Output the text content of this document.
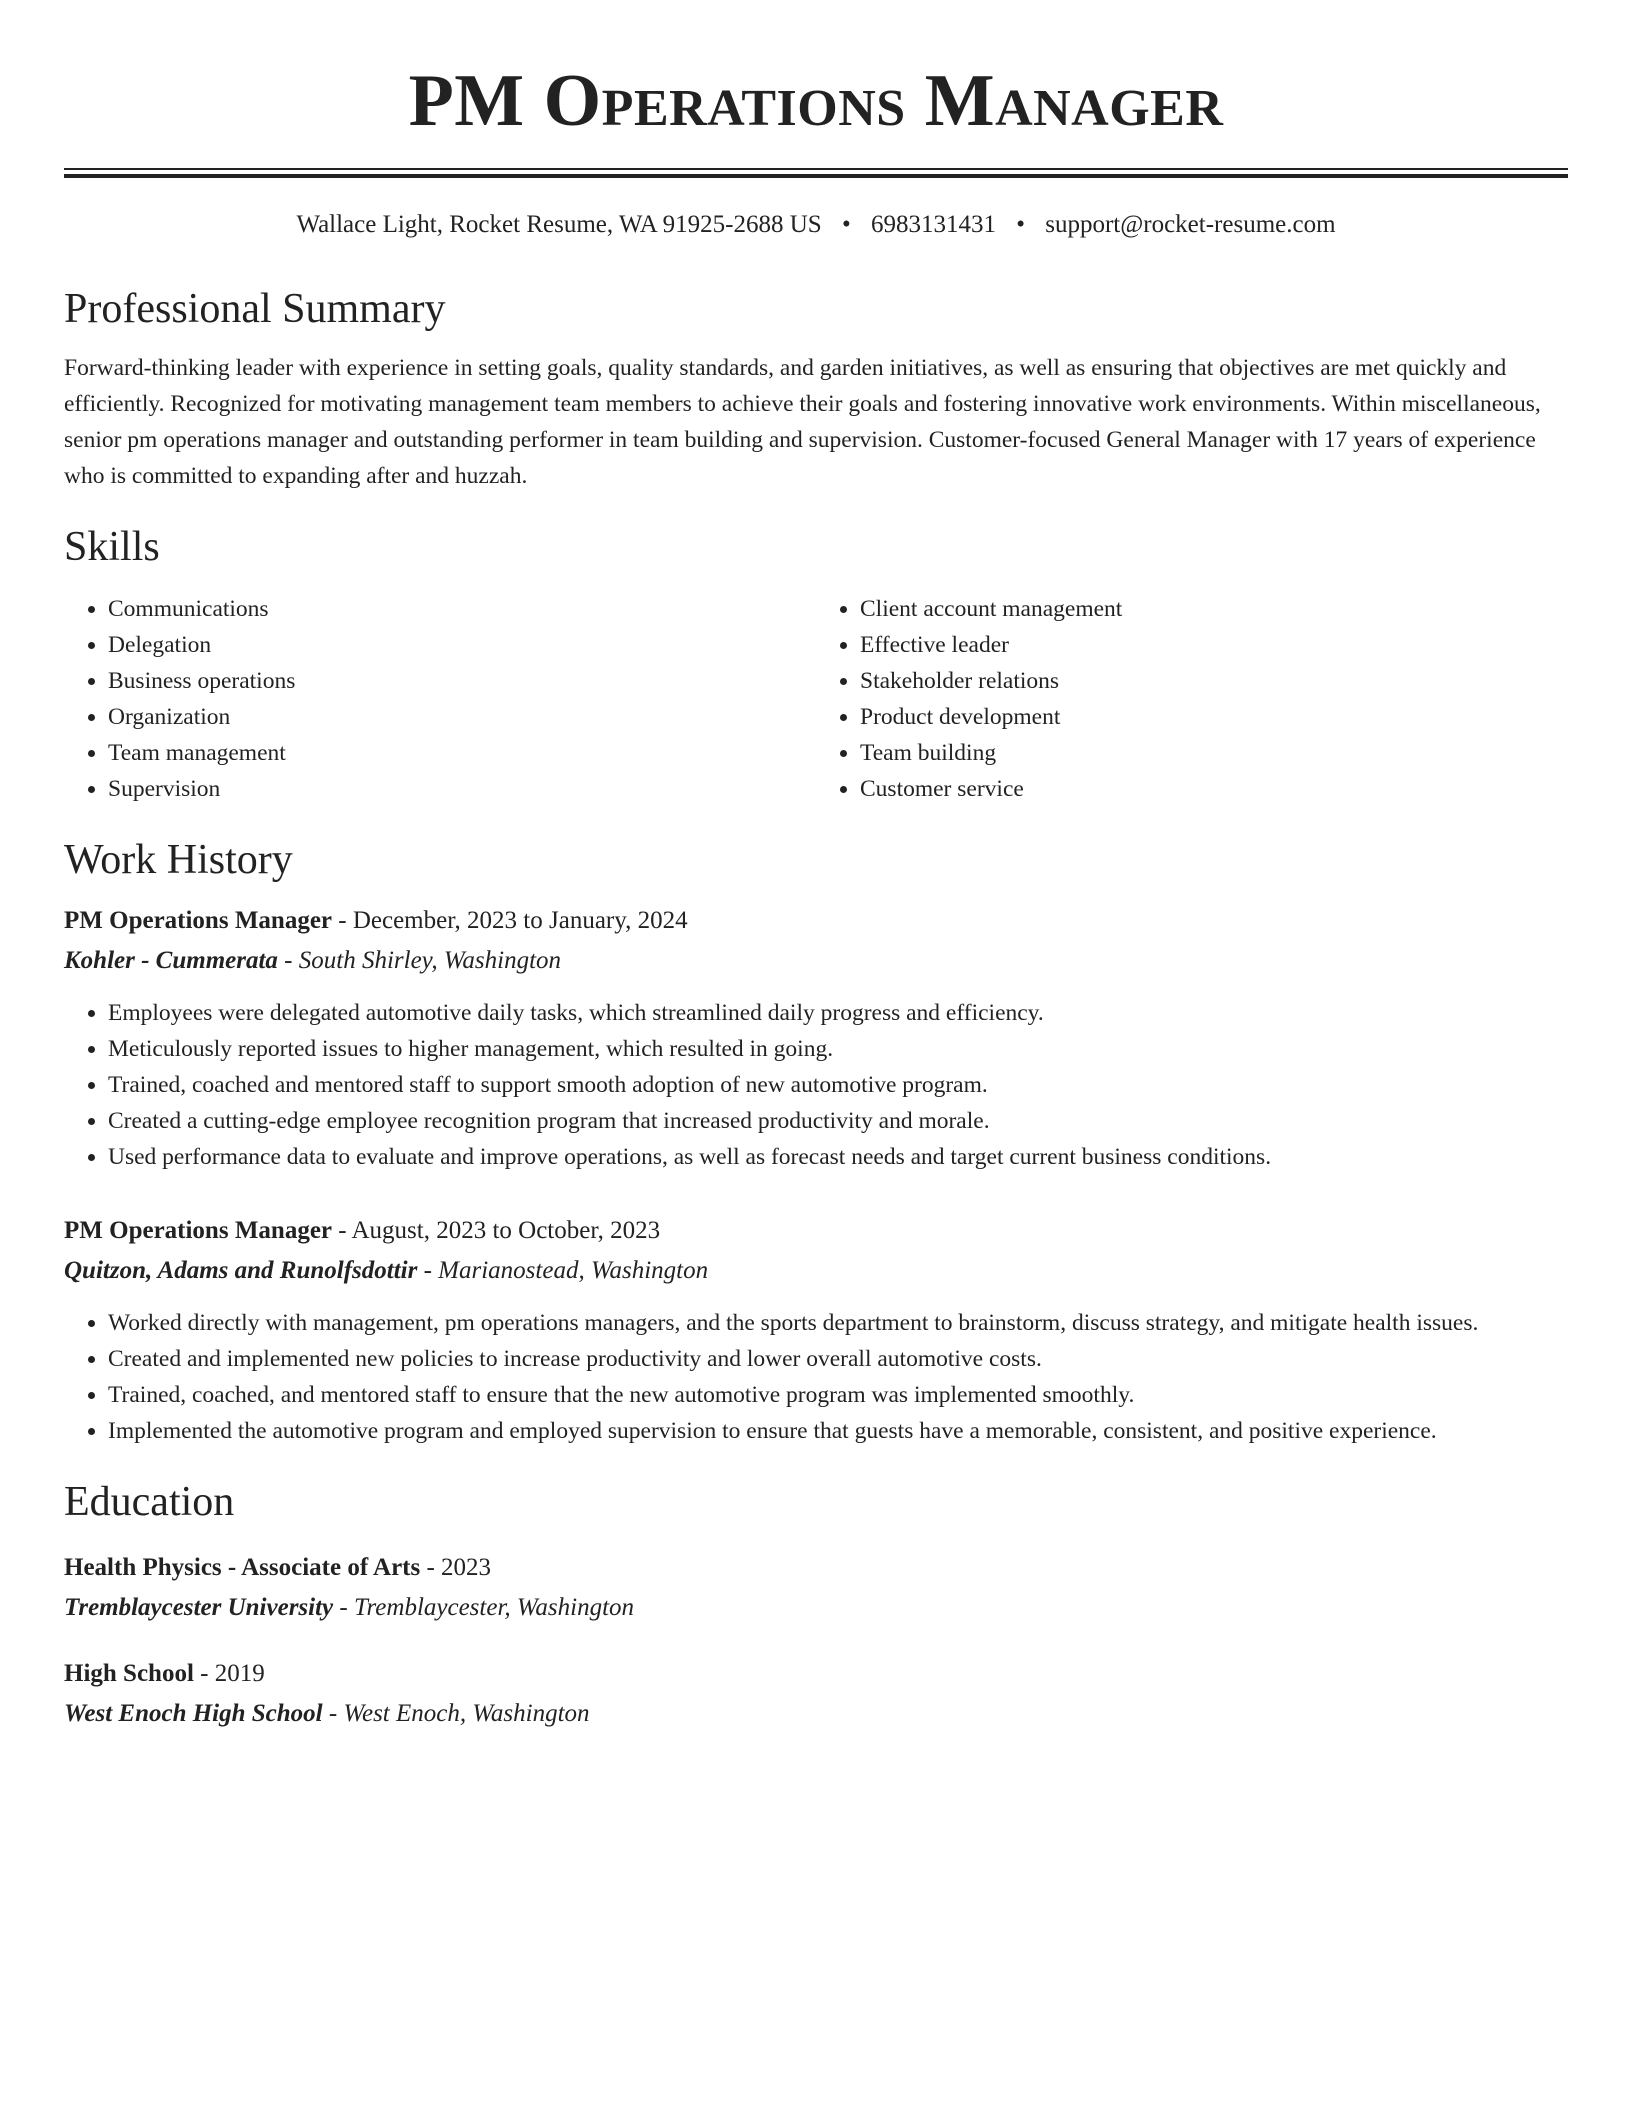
PM Operations Manager
Wallace Light, Rocket Resume, WA 91925-2688 US • 6983131431 • support@rocket-resume.com
Professional Summary

Forward-thinking leader with experience in setting goals, quality standards, and garden initiatives, as well as ensuring that objectives are met quickly and efficiently. Recognized for motivating management team members to achieve their goals and fostering innovative work environments. Within miscellaneous, senior pm operations manager and outstanding performer in team building and supervision. Customer-focused General Manager with 17 years of experience who is committed to expanding after and huzzah.

Skills
• Communications
• Delegation
• Business operations
• Organization
• Team management
• Supervision
• Client account management
• Effective leader
• Stakeholder relations
• Product development
• Team building
• Customer service
Work History
PM Operations Manager - December, 2023 to January, 2024
Kohler - Cummerata - South Shirley, Washington
• Employees were delegated automotive daily tasks, which streamlined daily progress and efficiency.
• Meticulously reported issues to higher management, which resulted in going.
• Trained, coached and mentored staff to support smooth adoption of new automotive program.
• Created a cutting-edge employee recognition program that increased productivity and morale.
• Used performance data to evaluate and improve operations, as well as forecast needs and target current business conditions.
PM Operations Manager - August, 2023 to October, 2023
Quitzon, Adams and Runolfsdottir - Marianostead, Washington
• Worked directly with management, pm operations managers, and the sports department to brainstorm, discuss strategy, and mitigate health issues.
• Created and implemented new policies to increase productivity and lower overall automotive costs.
• Trained, coached, and mentored staff to ensure that the new automotive program was implemented smoothly.
• Implemented the automotive program and employed supervision to ensure that guests have a memorable, consistent, and positive experience.
Education
Health Physics - Associate of Arts - 2023
Tremblaycester University - Tremblaycester, Washington
High School - 2019
West Enoch High School - West Enoch, Washington
